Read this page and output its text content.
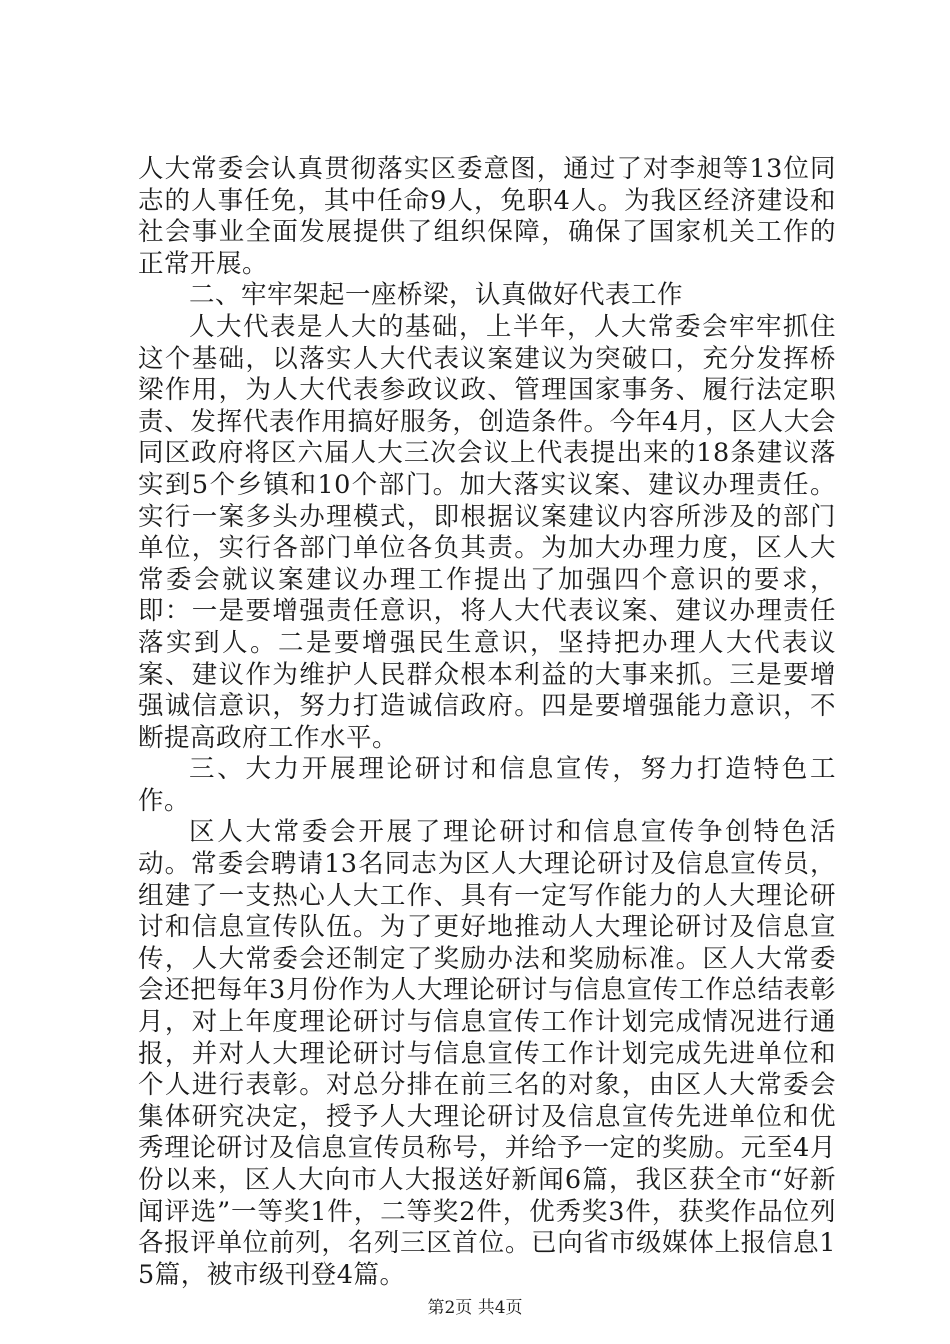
人大常委会认真贯彻落实区委意图，通过了对李昶等13位同志的人事任免，其中任命9人，免职4人。为我区经济建设和社会事业全面发展提供了组织保障，确保了国家机关工作的正常开展。

二、牢牢架起一座桥梁，认真做好代表工作

人大代表是人大的基础，上半年，人大常委会牢牢抓住这个基础，以落实人大代表议案建议为突破口，充分发挥桥梁作用，为人大代表参政议政、管理国家事务、履行法定职责、发挥代表作用搞好服务，创造条件。今年4月，区人大会同区政府将区六届人大三次会议上代表提出来的18条建议落实到5个乡镇和10个部门。加大落实议案、建议办理责任。实行一案多头办理模式，即根据议案建议内容所涉及的部门单位，实行各部门单位各负其责。为加大办理力度，区人大常委会就议案建议办理工作提出了加强四个意识的要求，即：一是要增强责任意识，将人大代表议案、建议办理责任落实到人。二是要增强民生意识，坚持把办理人大代表议案、建议作为维护人民群众根本利益的大事来抓。三是要增强诚信意识，努力打造诚信政府。四是要增强能力意识，不断提高政府工作水平。

三、大力开展理论研讨和信息宣传，努力打造特色工作。

区人大常委会开展了理论研讨和信息宣传争创特色活动。常委会聘请13名同志为区人大理论研讨及信息宣传员，组建了一支热心人大工作、具有一定写作能力的人大理论研讨和信息宣传队伍。为了更好地推动人大理论研讨及信息宣传，人大常委会还制定了奖励办法和奖励标准。区人大常委会还把每年3月份作为人大理论研讨与信息宣传工作总结表彰月，对上年度理论研讨与信息宣传工作计划完成情况进行通报，并对人大理论研讨与信息宣传工作计划完成先进单位和个人进行表彰。对总分排在前三名的对象，由区人大常委会集体研究决定，授予人大理论研讨及信息宣传先进单位和优秀理论研讨及信息宣传员称号，并给予一定的奖励。元至4月份以来，区人大向市人大报送好新闻6篇，我区获全市“好新闻评选”一等奖1件，二等奖2件，优秀奖3件，获奖作品位列各报评单位前列，名列三区首位。已向省市级媒体上报信息15篇，被市级刊登4篇。

第2页 共4页
